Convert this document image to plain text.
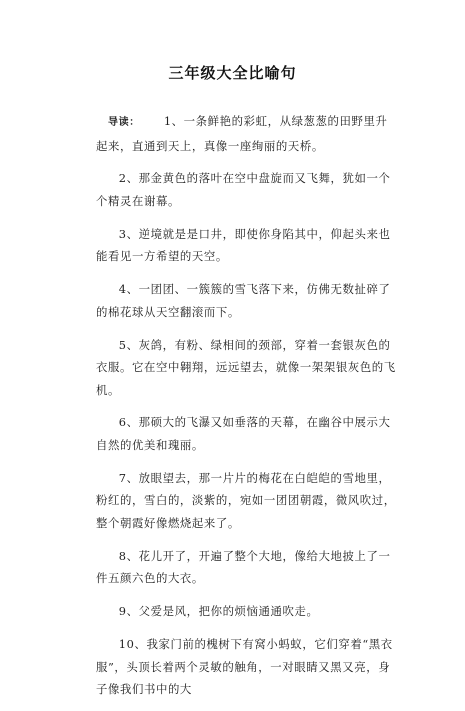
三年级大全比喻句

导读： 1、一条鲜艳的彩虹，从绿葱葱的田野里升起来，直通到天上，真像一座绚丽的天桥。

2、那金黄色的落叶在空中盘旋而又飞舞，犹如一个个精灵在谢幕。

3、逆境就是是口井，即使你身陷其中，仰起头来也能看见一方希望的天空。

4、一团团、一簇簇的雪飞落下来，仿佛无数扯碎了的棉花球从天空翻滚而下。

5、灰鸽，有粉、绿相间的颈部，穿着一套银灰色的衣服。它在空中翱翔，远远望去，就像一架架银灰色的飞机。

6、那硕大的飞瀑又如垂落的天幕，在幽谷中展示大自然的优美和瑰丽。

7、放眼望去，那一片片的梅花在白皑皑的雪地里，粉红的，雪白的，淡紫的，宛如一团团朝霞，微风吹过，整个朝霞好像燃烧起来了。

8、花儿开了，开遍了整个大地，像给大地披上了一件五颜六色的大衣。

9、父爱是风，把你的烦恼通通吹走。

10、我家门前的槐树下有窝小蚂蚁，它们穿着“黑衣服”，头顶长着两个灵敏的触角，一对眼睛又黑又亮，身子像我们书中的大
